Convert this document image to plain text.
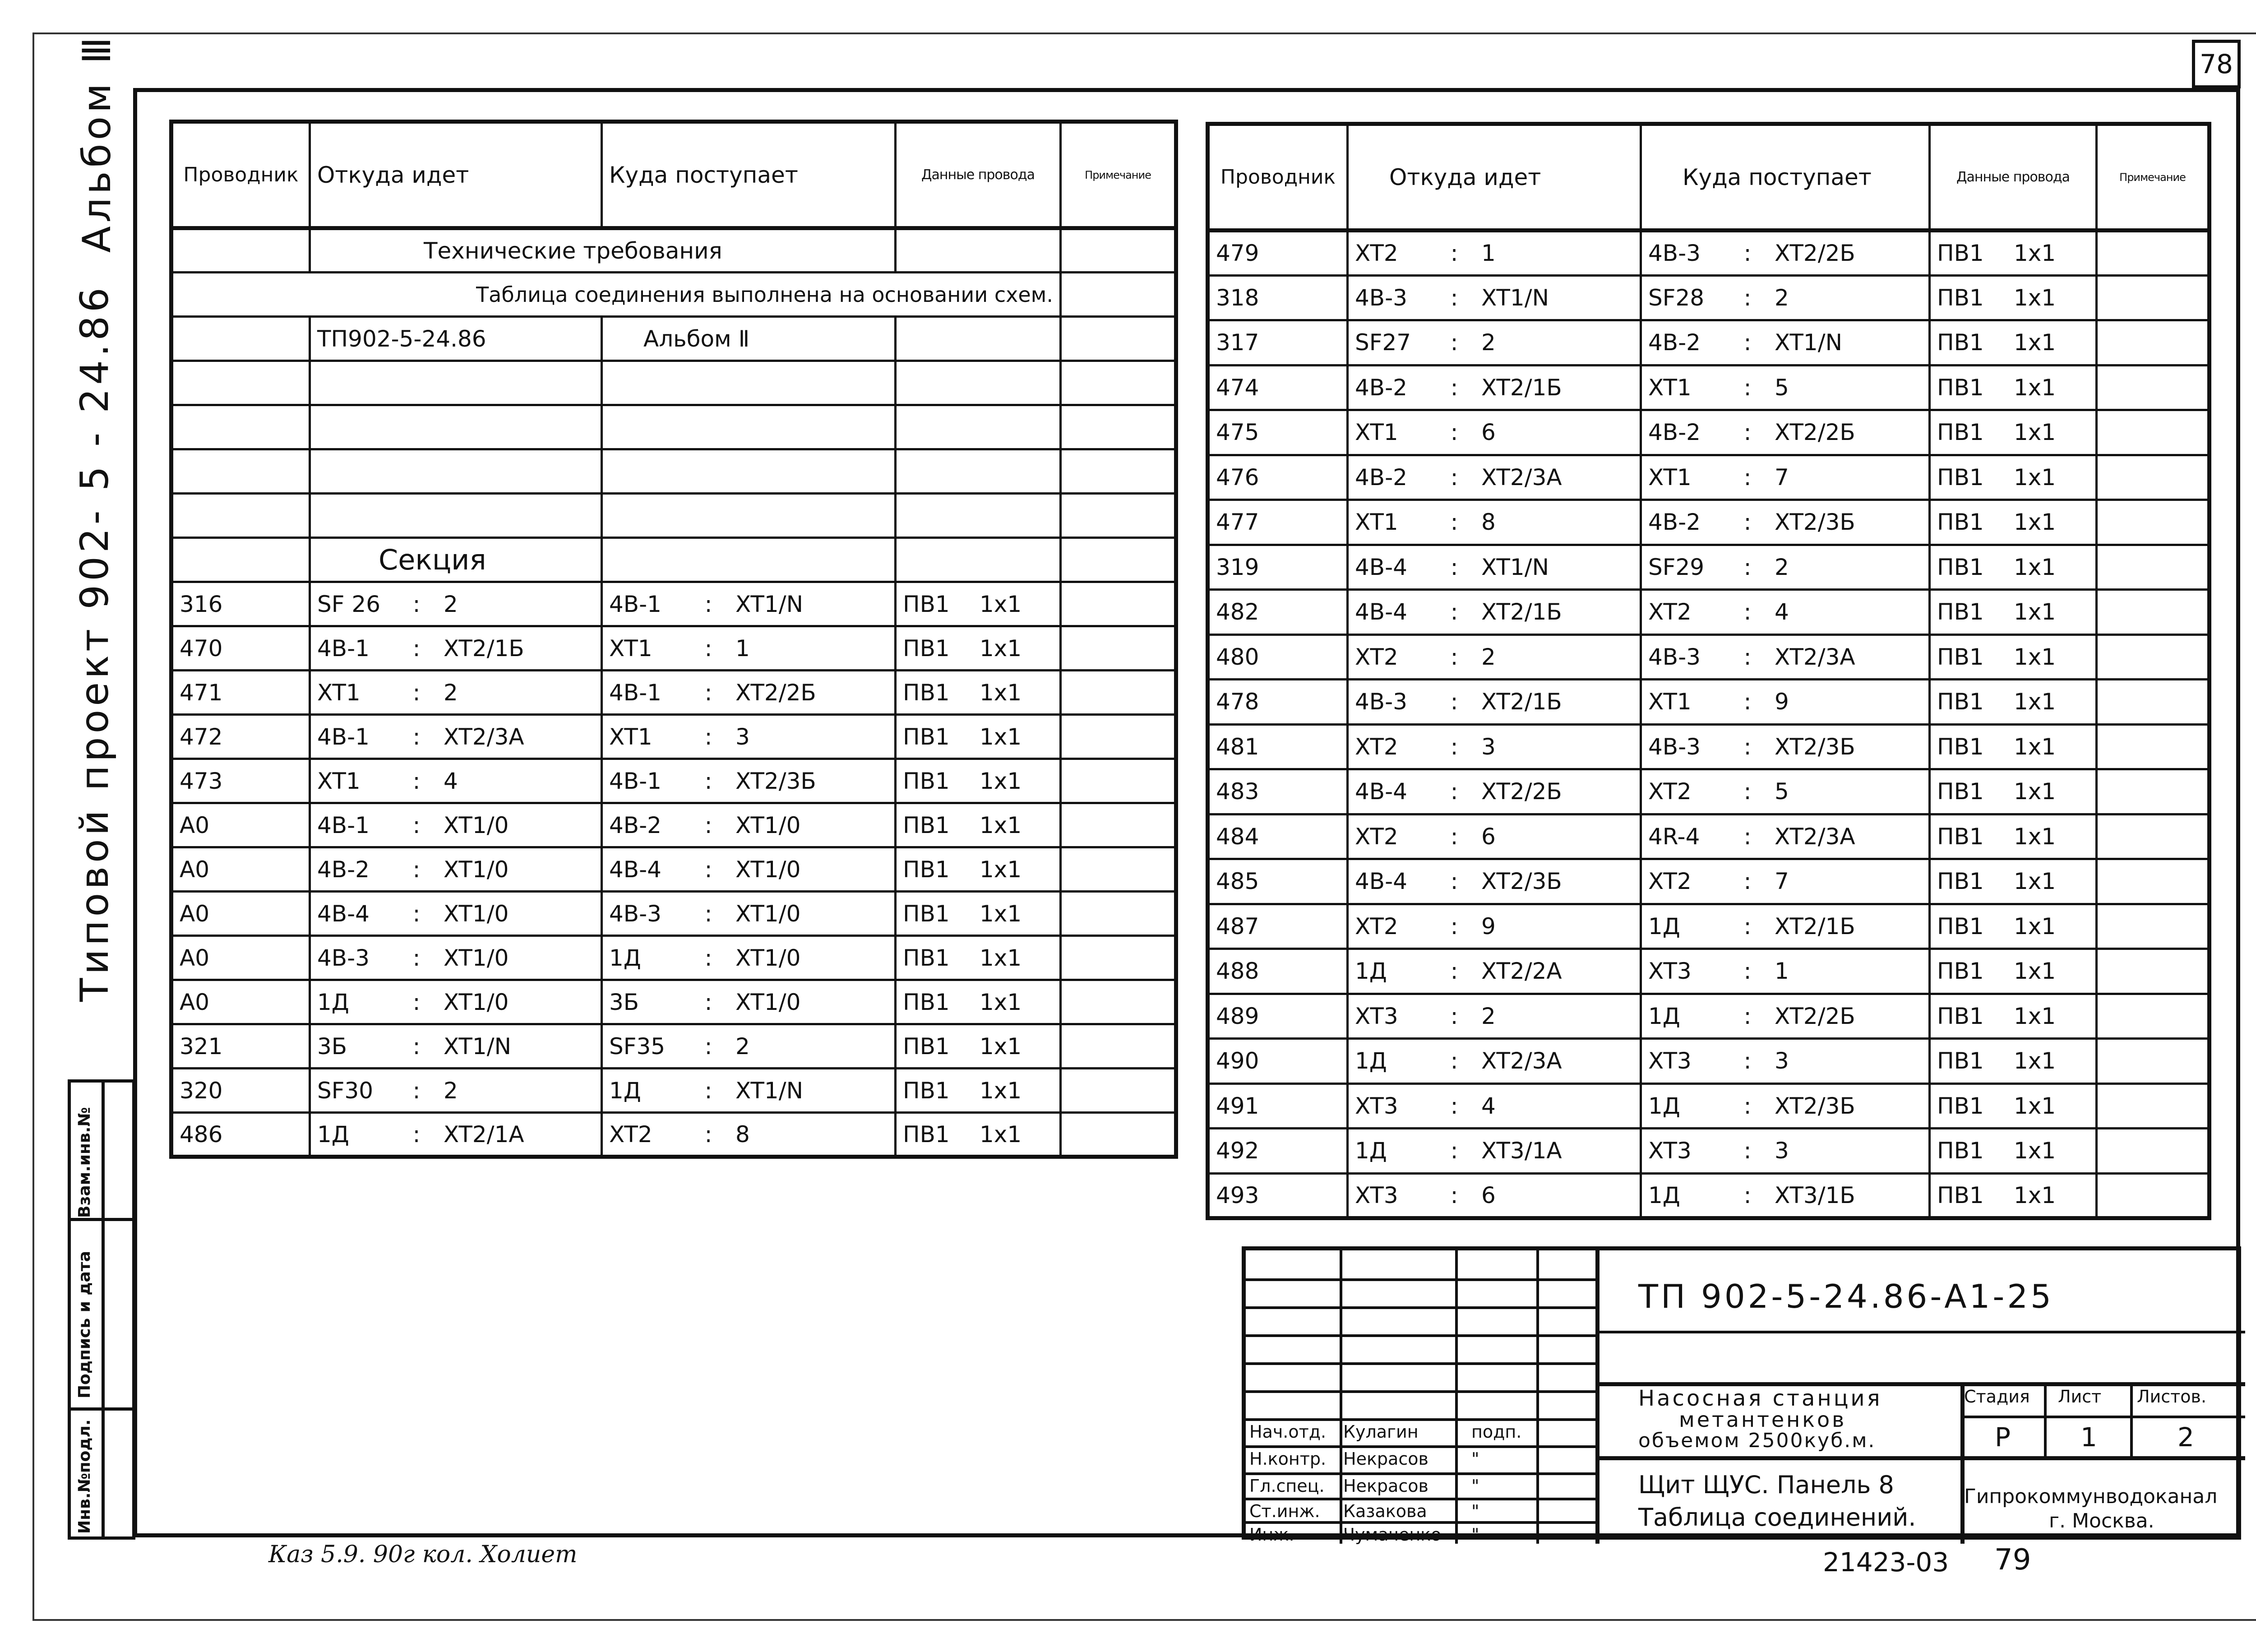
78
Альбом Ⅲ
Типовой проект 902- 5 - 24.86
Взам.инв.№
Подпись и дата
Инв.№подл.
Проводник	Откуда идет	Куда поступает	Данные провода	Примечание
	Технические требования			
Таблица соединения выполнена на основании схем.				
	ТП902-5-24.86	Альбом Ⅱ		

	Секция			
316	SF 26 : 2	4В-1 : XT1/N	ПВ1 1x1	
470	4В-1 : XT2/1Б	XT1 : 1	ПВ1 1x1	
471	XT1 : 2	4В-1 : XT2/2Б	ПВ1 1x1	
472	4В-1 : XT2/3А	XT1 : 3	ПВ1 1x1	
473	XT1 : 4	4В-1 : XT2/3Б	ПВ1 1x1	
А0	4В-1 : XT1/0	4В-2 : XT1/0	ПВ1 1x1	
А0	4В-2 : XT1/0	4В-4 : XT1/0	ПВ1 1x1	
А0	4В-4 : XT1/0	4В-3 : XT1/0	ПВ1 1x1	
А0	4В-3 : XT1/0	1Д : XT1/0	ПВ1 1x1	
А0	1Д : XT1/0	3Б : XT1/0	ПВ1 1x1	
321	3Б : XT1/N	SF35 : 2	ПВ1 1x1	
320	SF30 : 2	1Д : XT1/N	ПВ1 1x1	
486	1Д : XT2/1А	XT2 : 8	ПВ1 1x1	
Проводник	Откуда идет	Куда поступает	Данные провода	Примечание
479	XT2 : 1	4В-3 : XT2/2Б	ПВ1 1x1	
318	4В-3 : XT1/N	SF28 : 2	ПВ1 1x1	
317	SF27 : 2	4В-2 : XT1/N	ПВ1 1x1	
474	4В-2 : XT2/1Б	XT1 : 5	ПВ1 1x1	
475	XT1 : 6	4В-2 : XT2/2Б	ПВ1 1x1	
476	4В-2 : XT2/3А	XT1 : 7	ПВ1 1x1	
477	XT1 : 8	4В-2 : XT2/3Б	ПВ1 1x1	
319	4В-4 : XT1/N	SF29 : 2	ПВ1 1x1	
482	4В-4 : XT2/1Б	XT2 : 4	ПВ1 1x1	
480	XT2 : 2	4В-3 : XT2/3А	ПВ1 1x1	
478	4В-3 : XT2/1Б	XT1 : 9	ПВ1 1x1	
481	XT2 : 3	4В-3 : XT2/3Б	ПВ1 1x1	
483	4В-4 : XT2/2Б	XT2 : 5	ПВ1 1x1	
484	XT2 : 6	4R-4 : XT2/3А	ПВ1 1x1	
485	4В-4 : XT2/3Б	XT2 : 7	ПВ1 1x1	
487	XT2 : 9	1Д : XT2/1Б	ПВ1 1x1	
488	1Д : XT2/2А	XT3 : 1	ПВ1 1x1	
489	XT3 : 2	1Д : XT2/2Б	ПВ1 1x1	
490	1Д : XT2/3А	XT3 : 3	ПВ1 1x1	
491	XT3 : 4	1Д : XT2/3Б	ПВ1 1x1	
492	1Д : XT3/1А	XT3 : 3	ПВ1 1x1	
493	XT3 : 6	1Д : XT3/1Б	ПВ1 1x1	
Нач.отд. Кулагин	подп.
Н.контр. Некрасов	"
Гл.спец. Некрасов	"
Ст.инж. Казакова	"
Инж.	Чумаченко "
ТП 902-5-24.86-А1-25
Насосная станция
метантенков
объемом 2500куб.м.
Щит ЩУС. Панель 8
Таблица соединений.
Стадия Лист Листов.
Р	1	2
Гипрокоммунводоканал
г. Москва.
Каз 5.9. 90г кол. Холиет	21423-03 79
